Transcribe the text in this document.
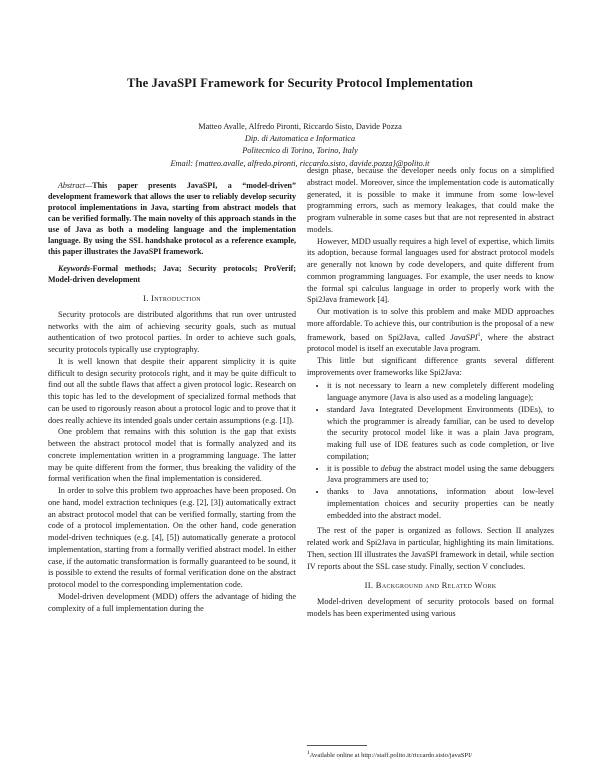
The JavaSPI Framework for Security Protocol Implementation
Matteo Avalle, Alfredo Pironti, Riccardo Sisto, Davide Pozza
Dip. di Automatica e Informatica
Politecnico di Torino, Torino, Italy
Email: {matteo.avalle, alfredo.pironti, riccardo.sisto, davide.pozza}@polito.it

Abstract—This paper presents JavaSPI, a “model-driven” development framework that allows the user to reliably develop security protocol implementations in Java, starting from abstract models that can be verified formally. The main novelty of this approach stands in the use of Java as both a modeling language and the implementation language. By using the SSL handshake protocol as a reference example, this paper illustrates the JavaSPI framework.

Keywords-Formal methods; Java; Security protocols; ProVerif; Model-driven development

I. Introduction

Security protocols are distributed algorithms that run over untrusted networks with the aim of achieving security goals, such as mutual authentication of two protocol parties. In order to achieve such goals, security protocols typically use cryptography.

It is well known that despite their apparent simplicity it is quite difficult to design security protocols right, and it may be quite difficult to find out all the subtle flaws that affect a given protocol logic. Research on this topic has led to the development of specialized formal methods that can be used to rigorously reason about a protocol logic and to prove that it does really achieve its intended goals under certain assumptions (e.g. [1]).

One problem that remains with this solution is the gap that exists between the abstract protocol model that is formally analyzed and its concrete implementation written in a programming language. The latter may be quite different from the former, thus breaking the validity of the formal verification when the final implementation is considered.

In order to solve this problem two approaches have been proposed. On one hand, model extraction techniques (e.g. [2], [3]) automatically extract an abstract protocol model that can be verified formally, starting from the code of a protocol implementation. On the other hand, code generation model-driven techniques (e.g. [4], [5]) automatically generate a protocol implementation, starting from a formally verified abstract model. In either case, if the automatic transformation is formally guaranteed to be sound, it is possible to extend the results of formal verification done on the abstract protocol model to the corresponding implementation code.

Model-driven development (MDD) offers the advantage of hiding the complexity of a full implementation during the

design phase, because the developer needs only focus on a simplified abstract model. Moreover, since the implementation code is automatically generated, it is possible to make it immune from some low-level programming errors, such as memory leakages, that could make the program vulnerable in some cases but that are not represented in abstract models.

However, MDD usually requires a high level of expertise, which limits its adoption, because formal languages used for abstract protocol models are generally not known by code developers, and quite different from common programming languages. For example, the user needs to know the formal spi calculus language in order to properly work with the Spi2Java framework [4].

Our motivation is to solve this problem and make MDD approaches more affordable. To achieve this, our contribution is the proposal of a new framework, based on Spi2Java, called JavaSPI$^1$, where the abstract protocol model is itself an executable Java program.

This little but significant difference grants several different improvements over frameworks like Spi2Java:

• it is not necessary to learn a new completely different modeling language anymore (Java is also used as a modeling language);
• standard Java Integrated Development Environments (IDEs), to which the programmer is already familiar, can be used to develop the security protocol model like it was a plain Java program, making full use of IDE features such as code completion, or live compilation;
• it is possible to debug the abstract model using the same debuggers Java programmers are used to;
• thanks to Java annotations, information about low-level implementation choices and security properties can be neatly embedded into the abstract model.

The rest of the paper is organized as follows. Section II analyzes related work and Spi2Java in particular, highlighting its main limitations. Then, section III illustrates the JavaSPI framework in detail, while section IV reports about the SSL case study. Finally, section V concludes.

II. Background and Related Work

Model-driven development of security protocols based on formal models has been experimented using various

$^1$Available online at http://staff.polito.it/riccardo.sisto/javaSPI/
